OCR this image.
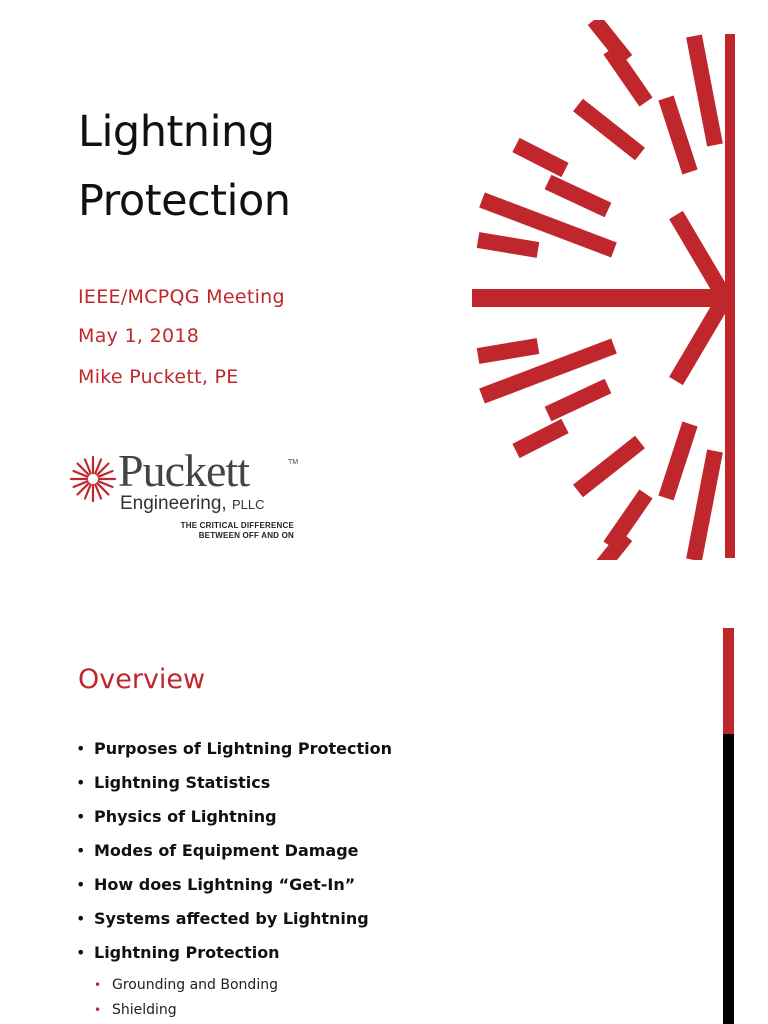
Lightning
Protection
IEEE/MCPQG Meeting
May 1, 2018
Mike Puckett, PE
Puckett	TM
Engineering, PLLC
THE CRITICAL DIFFERENCE
BETWEEN OFF AND ON
Overview
• Purposes of Lightning Protection
• Lightning Statistics
• Physics of Lightning
• Modes of Equipment Damage
• How does Lightning “Get-In”
• Systems affected by Lightning
• Lightning Protection
• Grounding and Bonding
• Shielding
